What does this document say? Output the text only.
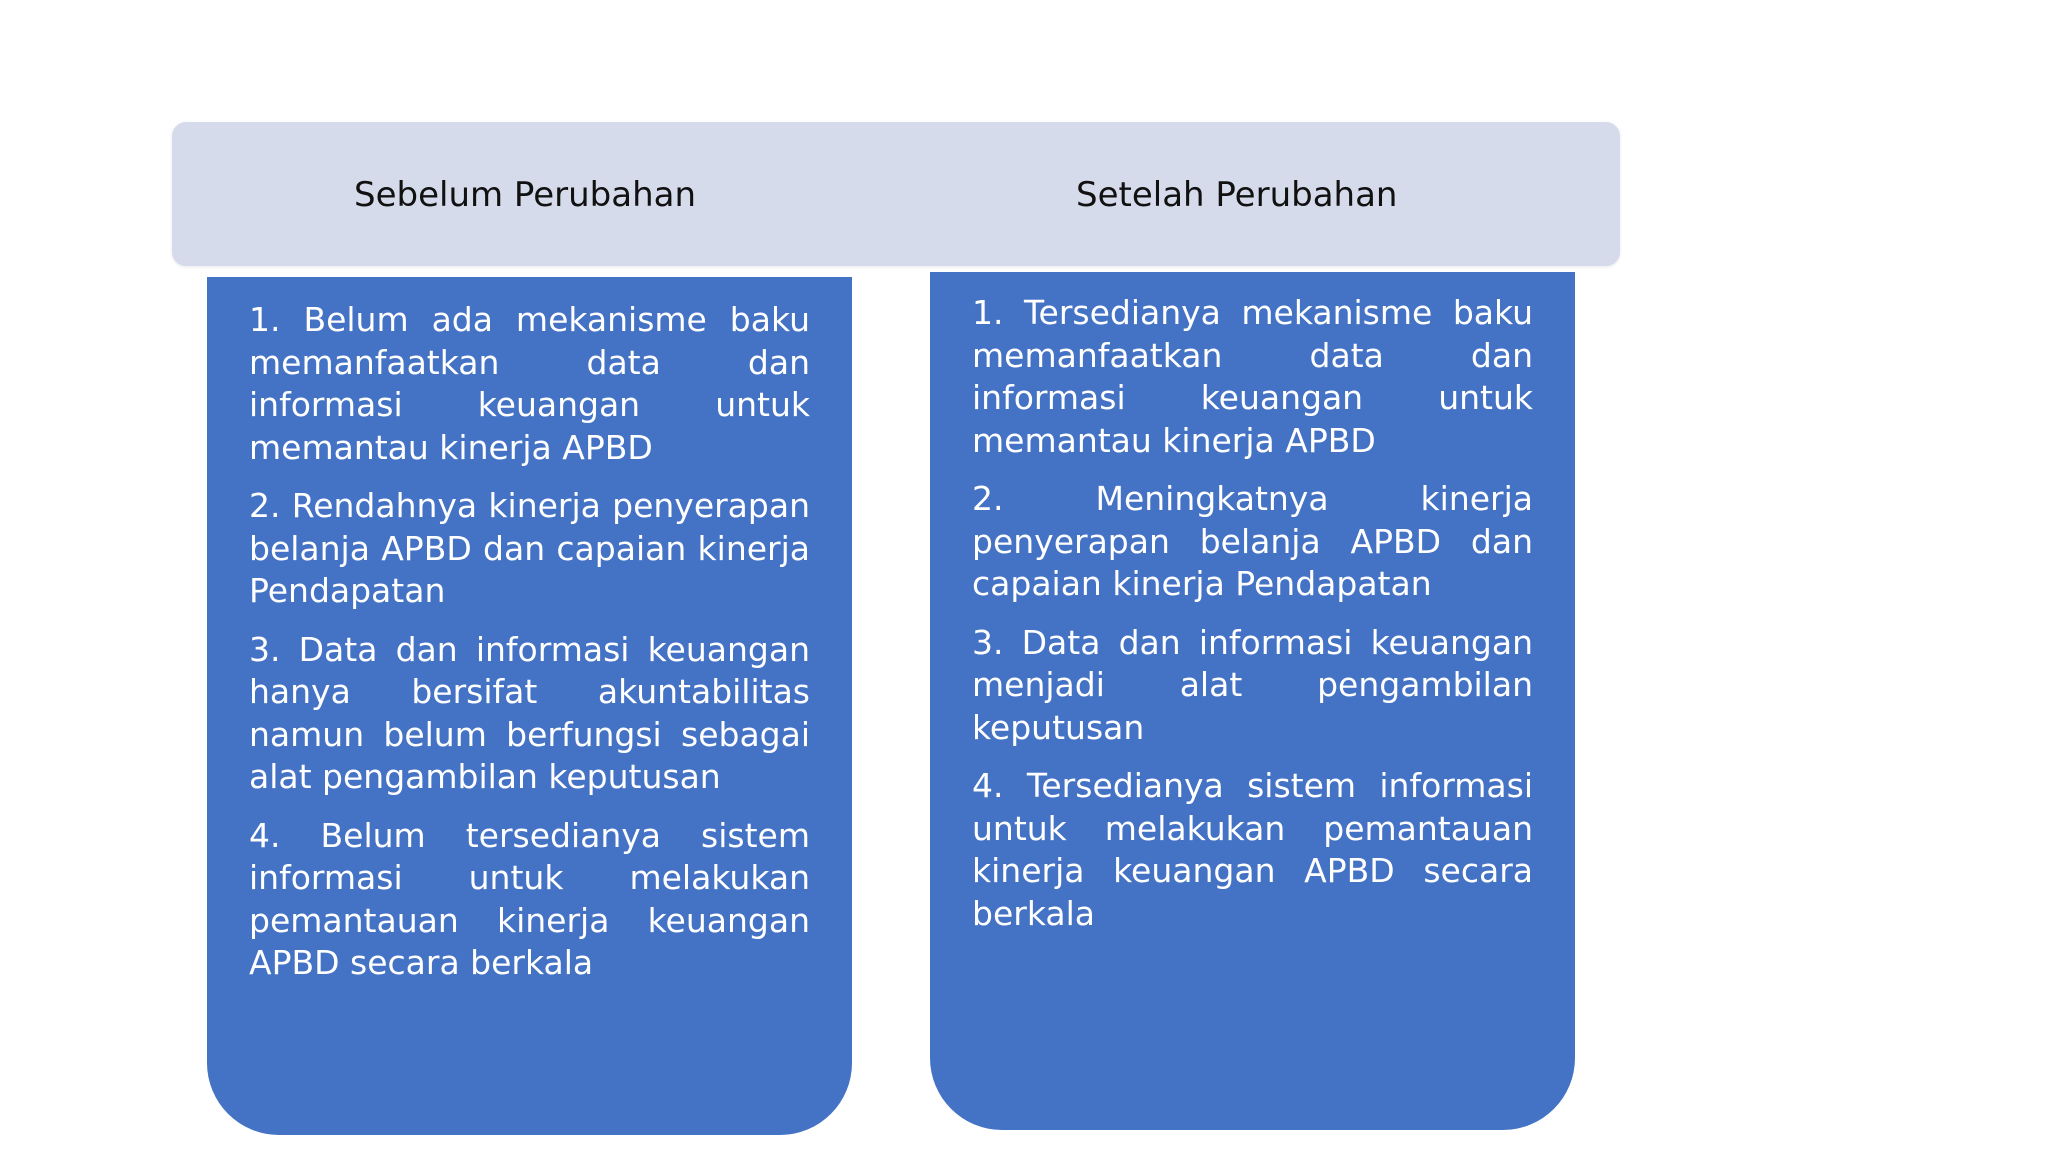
Sebelum Perubahan	Setelah Perubahan

1. Belum ada mekanisme baku memanfaatkan data dan informasi keuangan untuk memantau kinerja APBD

2. Rendahnya kinerja penyerapan belanja APBD dan capaian kinerja Pendapatan

3. Data dan informasi keuangan hanya bersifat akuntabilitas namun belum berfungsi sebagai alat pengambilan keputusan

4. Belum tersedianya sistem informasi untuk melakukan pemantauan kinerja keuangan APBD secara berkala

1. Tersedianya mekanisme baku memanfaatkan data dan informasi keuangan untuk memantau kinerja APBD

2. Meningkatnya kinerja penyerapan belanja APBD dan capaian kinerja Pendapatan

3. Data dan informasi keuangan menjadi alat pengambilan keputusan

4. Tersedianya sistem informasi untuk melakukan pemantauan kinerja keuangan APBD secara berkala
